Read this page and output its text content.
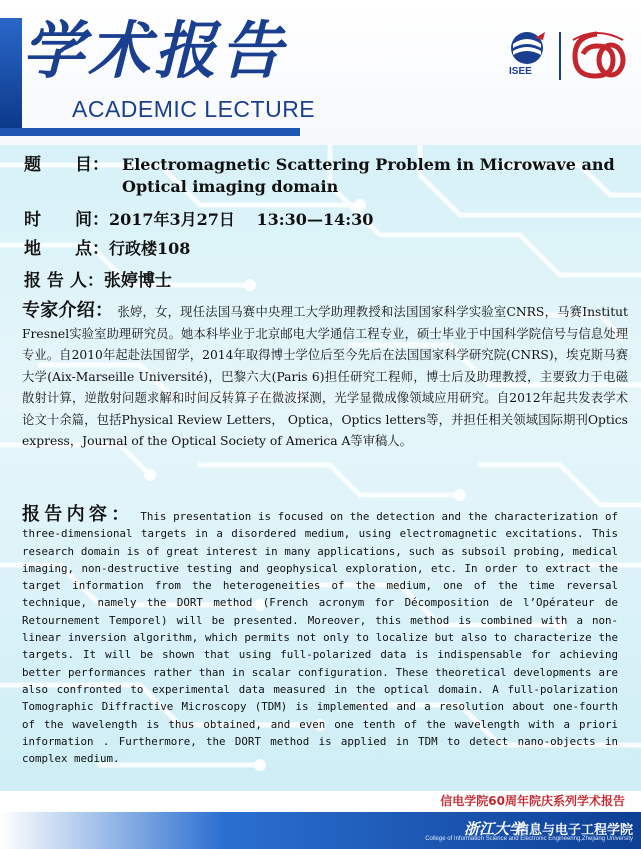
学术报告
ACADEMIC LECTURE
ISEE
题　　目： Electromagnetic Scattering Problem in Microwave and Optical imaging domain
时　　间：2017年3月27日　 13:30—14:30
地　　点：行政楼108
报 告 人：张婷博士
专家介绍： 张婷，女，现任法国马赛中央理工大学助理教授和法国国家科学实验室CNRS，马赛Institut Fresnel实验室助理研究员。她本科毕业于北京邮电大学通信工程专业，硕士毕业于中国科学院信号与信息处理专业。自2010年起赴法国留学，2014年取得博士学位后至今先后在法国国家科学研究院(CNRS)，埃克斯马赛大学(Aix-Marseille Université)，巴黎六大(Paris 6)担任研究工程师，博士后及助理教授，主要致力于电磁散射计算，逆散射问题求解和时间反转算子在微波探测，光学显微成像领域应用研究。自2012年起共发表学术论文十余篇，包括Physical Review Letters， Optica，Optics letters等，并担任相关领域国际期刊Optics express，Journal of the Optical Society of America A等审稿人。
报告内容： This presentation is focused on the detection and the characterization of three-dimensional targets in a disordered medium, using electromagnetic excitations. This research domain is of great interest in many applications, such as subsoil probing, medical imaging, non-destructive testing and geophysical exploration, etc. In order to extract the target information from the heterogeneities of the medium, one of the time reversal technique, namely the DORT method (French acronym for Décomposition de l’Opérateur de Retournement Temporel) will be presented. Moreover, this method is combined with a non-linear inversion algorithm, which permits not only to localize but also to characterize the targets. It will be shown that using full-polarized data is indispensable for achieving better performances rather than in scalar configuration. These theoretical developments are also confronted to experimental data measured in the optical domain. A full-polarization Tomographic Diffractive Microscopy (TDM) is implemented and a resolution about one-fourth of the wavelength is thus obtained, and even one tenth of the wavelength with a priori information . Furthermore, the DORT method is applied in TDM to detect nano-objects in complex medium.
信电学院60周年院庆系列学术报告
浙江大学
信息与电子工程学院
College of Information Science and Electronic Engineering,Zhejiang University
